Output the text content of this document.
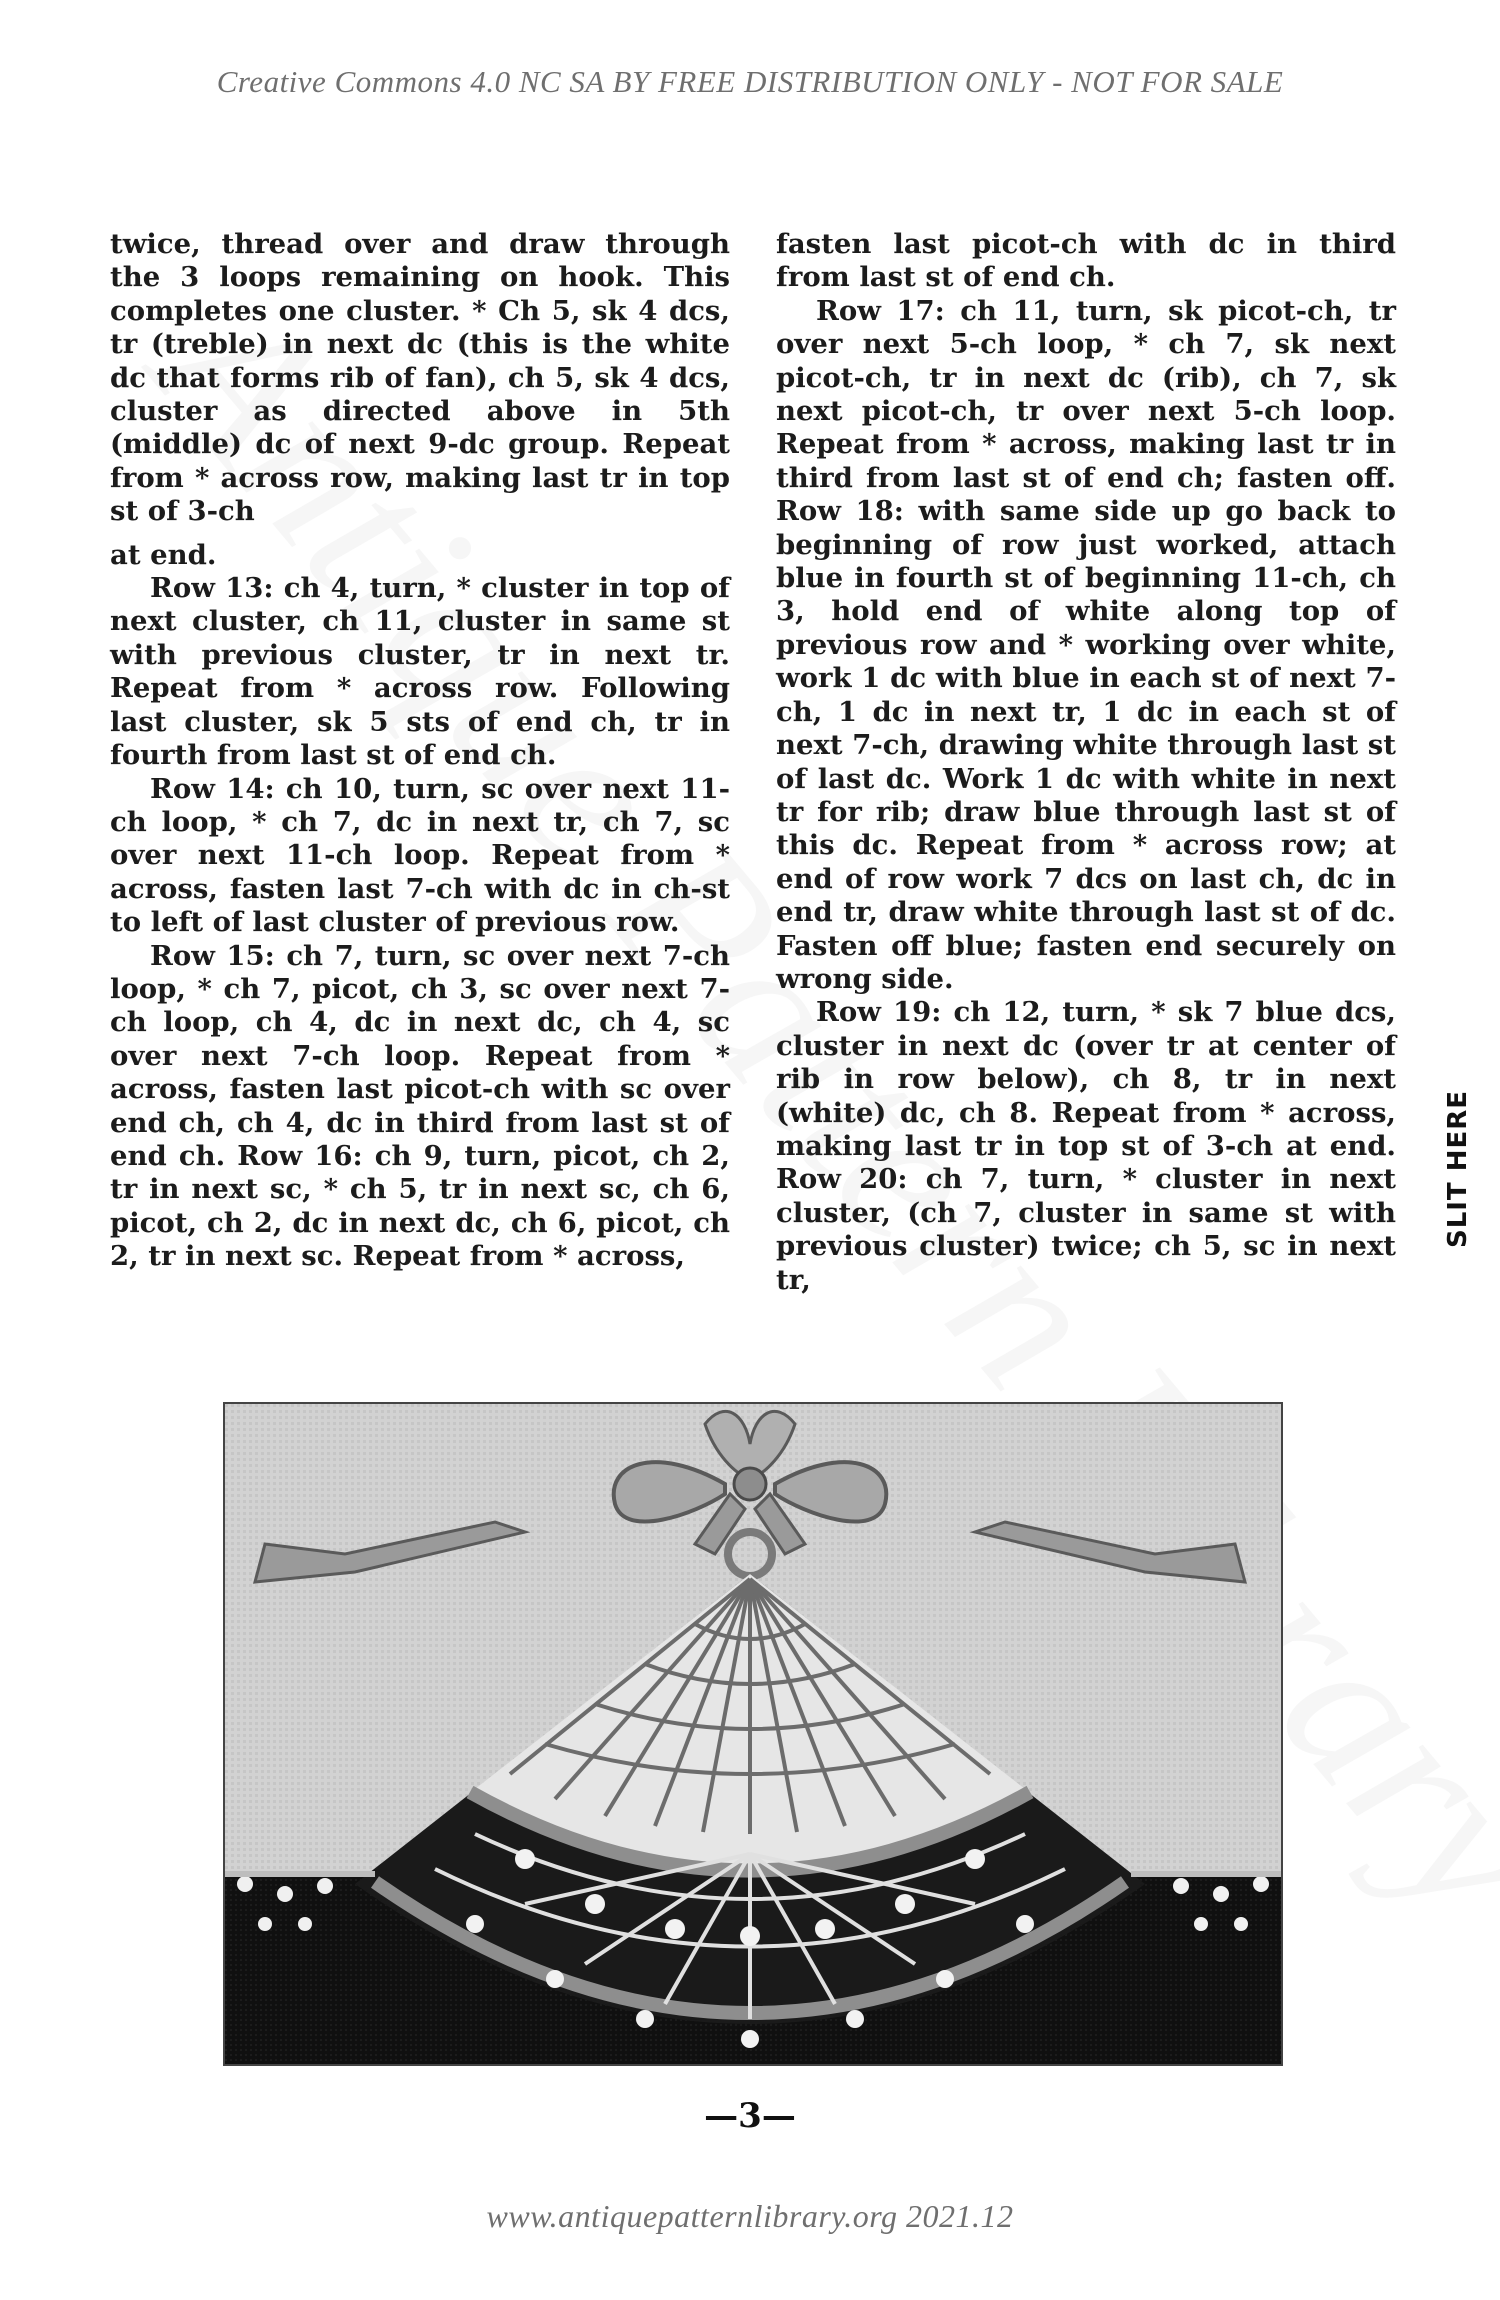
Creative Commons 4.0 NC SA BY FREE DISTRIBUTION ONLY - NOT FOR SALE

twice, thread over and draw through the 3 loops remaining on hook. This completes one cluster. * Ch 5, sk 4 dcs, tr (treble) in next dc (this is the white dc that forms rib of fan), ch 5, sk 4 dcs, cluster as directed above in 5th (middle) dc of next 9-dc group. Repeat from * across row, making last tr in top st of 3-ch

at end.

Row 13: ch 4, turn, * cluster in top of next cluster, ch 11, cluster in same st with previous cluster, tr in next tr. Repeat from * across row. Following last cluster, sk 5 sts of end ch, tr in fourth from last st of end ch.

Row 14: ch 10, turn, sc over next 11-ch loop, * ch 7, dc in next tr, ch 7, sc over next 11-ch loop. Repeat from * across, fasten last 7-ch with dc in ch-st to left of last cluster of previous row.

Row 15: ch 7, turn, sc over next 7-ch loop, * ch 7, picot, ch 3, sc over next 7-ch loop, ch 4, dc in next dc, ch 4, sc over next 7-ch loop. Repeat from * across, fasten last picot-ch with sc over end ch, ch 4, dc in third from last st of end ch. Row 16: ch 9, turn, picot, ch 2, tr in next sc, * ch 5, tr in next sc, ch 6, picot, ch 2, dc in next dc, ch 6, picot, ch 2, tr in next sc. Repeat from * across,

fasten last picot-ch with dc in third from last st of end ch.

Row 17: ch 11, turn, sk picot-ch, tr over next 5-ch loop, * ch 7, sk next picot-ch, tr in next dc (rib), ch 7, sk next picot-ch, tr over next 5-ch loop. Repeat from * across, making last tr in third from last st of end ch; fasten off. Row 18: with same side up go back to beginning of row just worked, attach blue in fourth st of beginning 11-ch, ch 3, hold end of white along top of previous row and * working over white, work 1 dc with blue in each st of next 7-ch, 1 dc in next tr, 1 dc in each st of next 7-ch, drawing white through last st of last dc. Work 1 dc with white in next tr for rib; draw blue through last st of this dc. Repeat from * across row; at end of row work 7 dcs on last ch, dc in end tr, draw white through last st of dc. Fasten off blue; fasten end securely on wrong side.

Row 19: ch 12, turn, * sk 7 blue dcs, cluster in next dc (over tr at center of rib in row below), ch 8, tr in next (white) dc, ch 8. Repeat from * across, making last tr in top st of 3-ch at end. Row 20: ch 7, turn, * cluster in next cluster, (ch 7, cluster in same st with previous cluster) twice; ch 5, sc in next tr,

SLIT HERE
—3—
www.antiquepatternlibrary.org 2021.12
